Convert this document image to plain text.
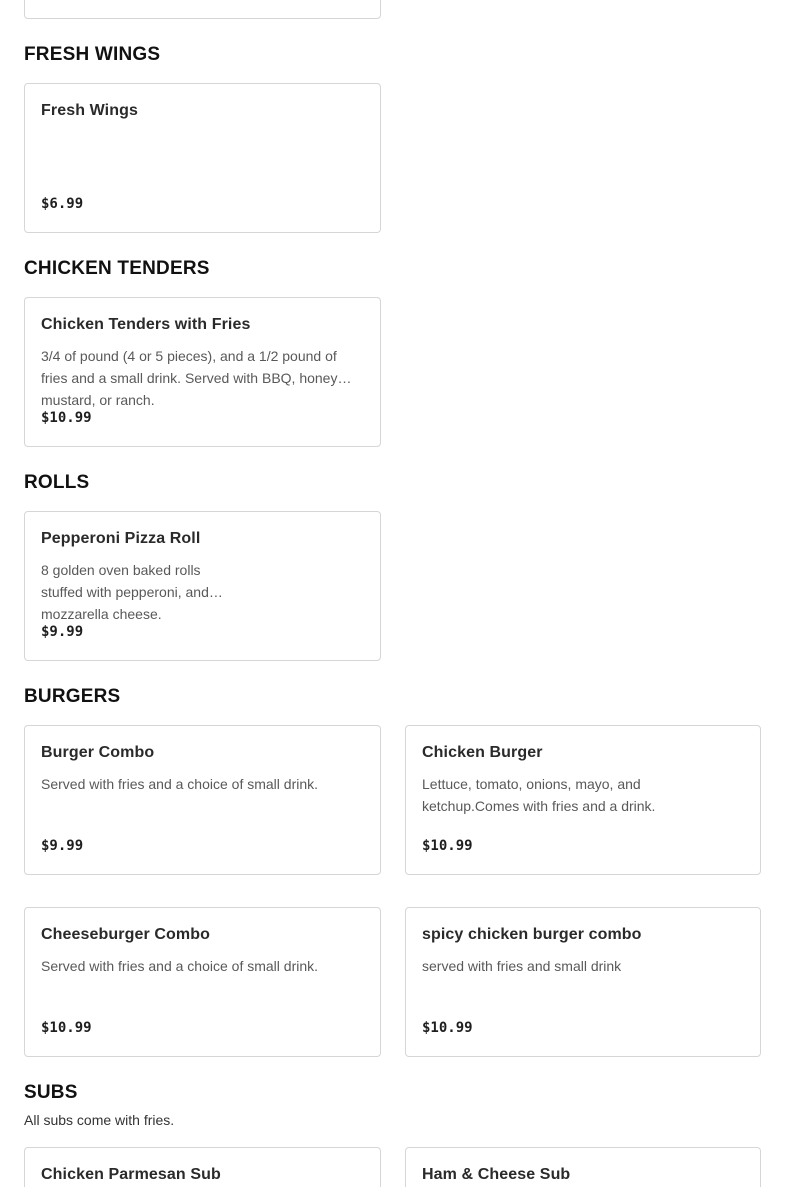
FRESH WINGS
Fresh Wings
$6.99
CHICKEN TENDERS
Chicken Tenders with Fries
3/4 of pound (4 or 5 pieces), and a 1/2 pound of fries and a small drink. Served with BBQ, honey mustard, or ranch.
$10.99
ROLLS
Pepperoni Pizza Roll
8 golden oven baked rolls stuffed with pepperoni, and mozzarella cheese.
$9.99
BURGERS
Burger Combo
Served with fries and a choice of small drink.
$9.99
Chicken Burger
Lettuce, tomato, onions, mayo, and ketchup.Comes with fries and a drink.
$10.99
Cheeseburger Combo
Served with fries and a choice of small drink.
$10.99
spicy chicken burger combo
served with fries and small drink
$10.99
SUBS
All subs come with fries.
Chicken Parmesan Sub	Ham & Cheese Sub
